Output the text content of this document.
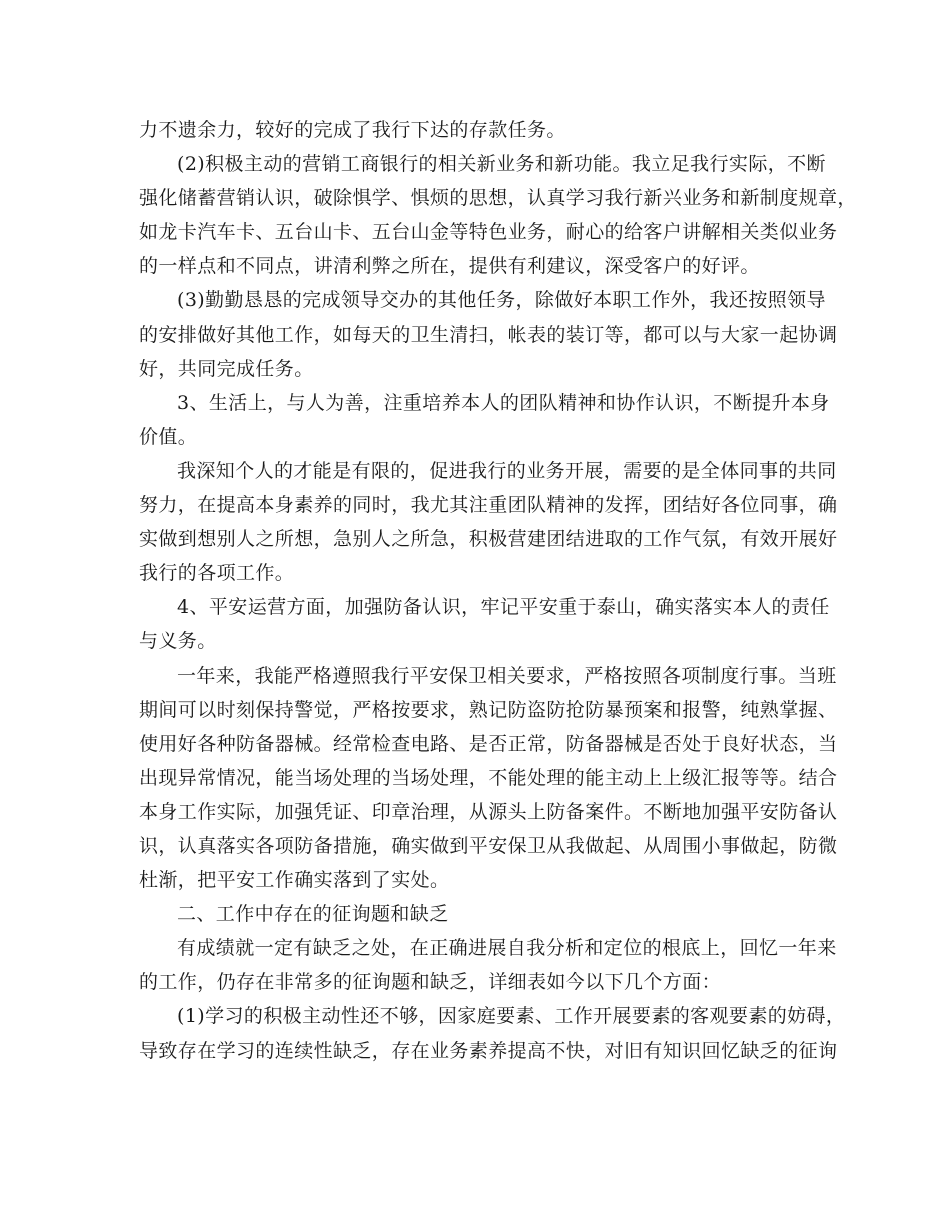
力不遗余力，较好的完成了我行下达的存款任务。
(2)积极主动的营销工商银行的相关新业务和新功能。我立足我行实际，不断
强化储蓄营销认识，破除惧学、惧烦的思想，认真学习我行新兴业务和新制度规章，
如龙卡汽车卡、五台山卡、五台山金等特色业务，耐心的给客户讲解相关类似业务
的一样点和不同点，讲清利弊之所在，提供有利建议，深受客户的好评。
(3)勤勤恳恳的完成领导交办的其他任务，除做好本职工作外，我还按照领导
的安排做好其他工作，如每天的卫生清扫，帐表的装订等，都可以与大家一起协调
好，共同完成任务。
3、生活上，与人为善，注重培养本人的团队精神和协作认识，不断提升本身
价值。
我深知个人的才能是有限的，促进我行的业务开展，需要的是全体同事的共同
努力，在提高本身素养的同时，我尤其注重团队精神的发挥，团结好各位同事，确
实做到想别人之所想，急别人之所急，积极营建团结进取的工作气氛，有效开展好
我行的各项工作。
4、平安运营方面，加强防备认识，牢记平安重于泰山，确实落实本人的责任
与义务。
一年来，我能严格遵照我行平安保卫相关要求，严格按照各项制度行事。当班
期间可以时刻保持警觉，严格按要求，熟记防盗防抢防暴预案和报警，纯熟掌握、
使用好各种防备器械。经常检查电路、是否正常，防备器械是否处于良好状态，当
出现异常情况，能当场处理的当场处理，不能处理的能主动上上级汇报等等。结合
本身工作实际，加强凭证、印章治理，从源头上防备案件。不断地加强平安防备认
识，认真落实各项防备措施，确实做到平安保卫从我做起、从周围小事做起，防微
杜渐，把平安工作确实落到了实处。
二、工作中存在的征询题和缺乏
有成绩就一定有缺乏之处，在正确进展自我分析和定位的根底上，回忆一年来
的工作，仍存在非常多的征询题和缺乏，详细表如今以下几个方面：
(1)学习的积极主动性还不够，因家庭要素、工作开展要素的客观要素的妨碍，
导致存在学习的连续性缺乏，存在业务素养提高不快，对旧有知识回忆缺乏的征询
